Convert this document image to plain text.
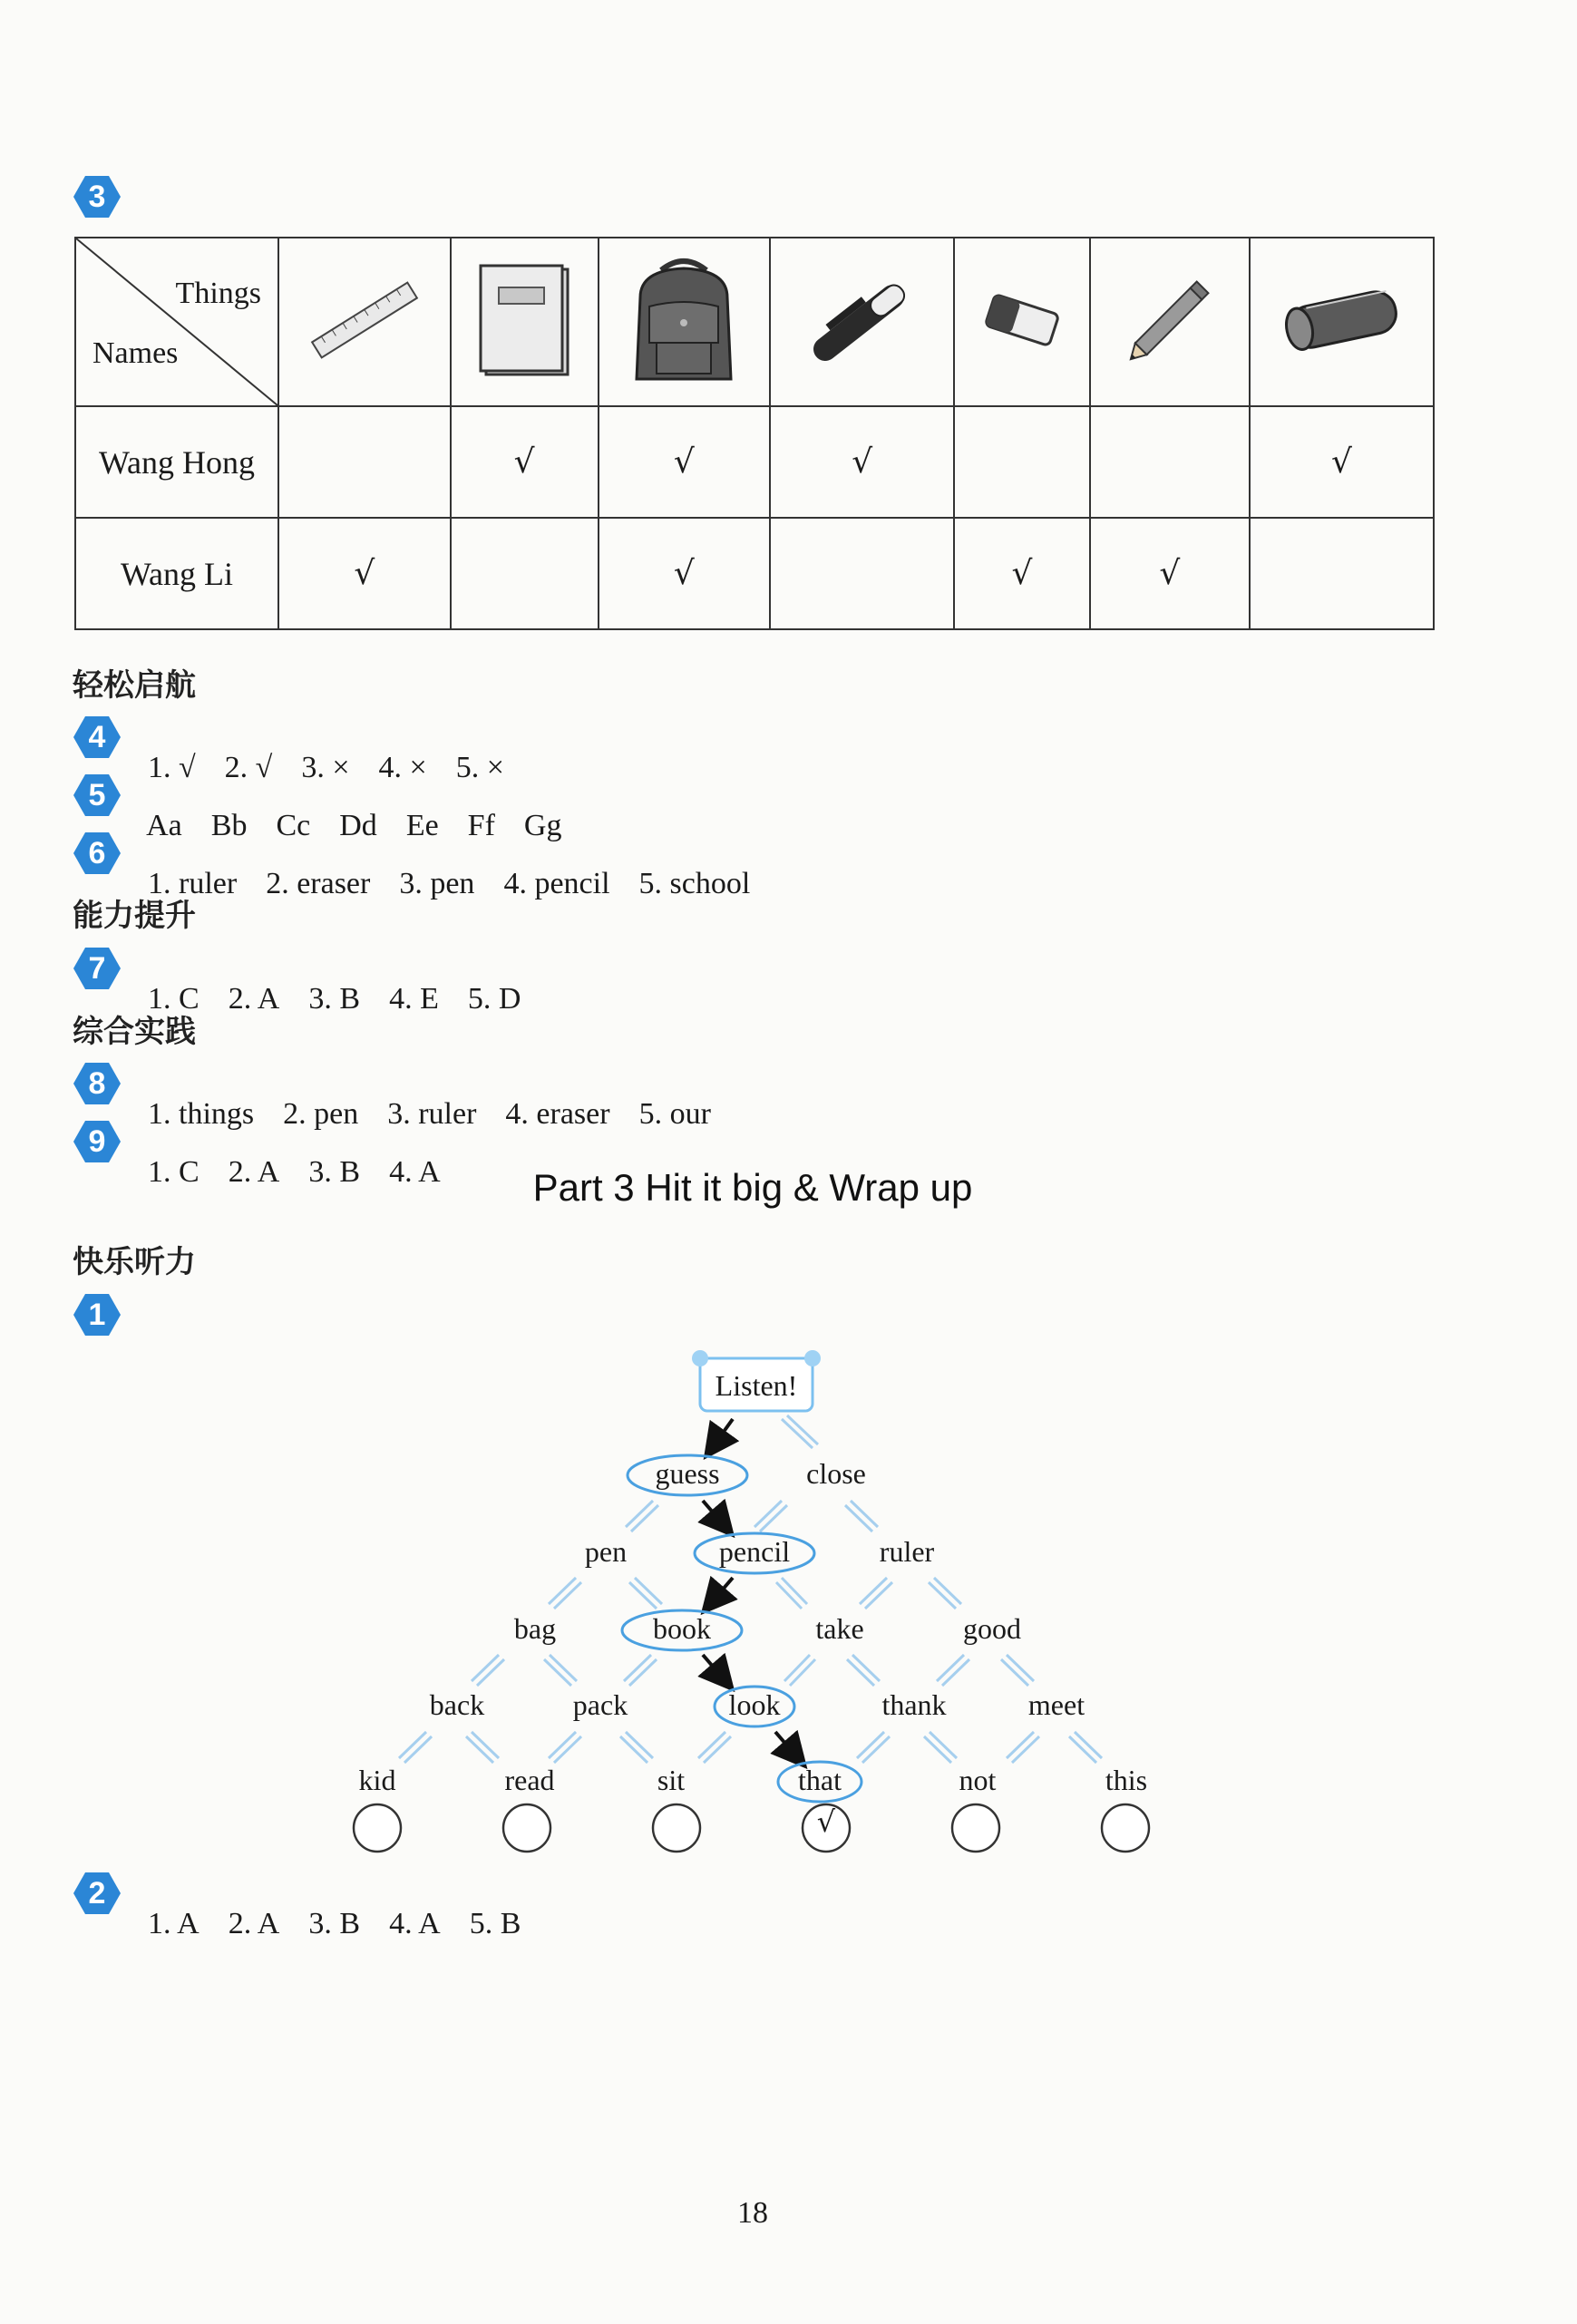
3
Things
Names

Wang Hong		√	√	√			√
Wang Li	√		√		√	√	
轻松启航
4

1. √ 2. √ 3. × 4. × 5. ×

5

Aa Bb Cc Dd Ee Ff Gg

6

1. ruler 2. eraser 3. pen 4. pencil 5. school

能力提升
7

1. C 2. A 3. B 4. E 5. D

综合实践
8

1. things 2. pen 3. ruler 4. eraser 5. our

9

1. C 2. A 3. B 4. A	Part 3 Hit it big & Wrap up
快乐听力
1
Listen!
guess	close
pen	pencil	ruler
bag	book	take	good
back	pack	look	thank	meet
kid	read	sit	that	not	this
√
2

1. A 2. A 3. B 4. A 5. B

18
